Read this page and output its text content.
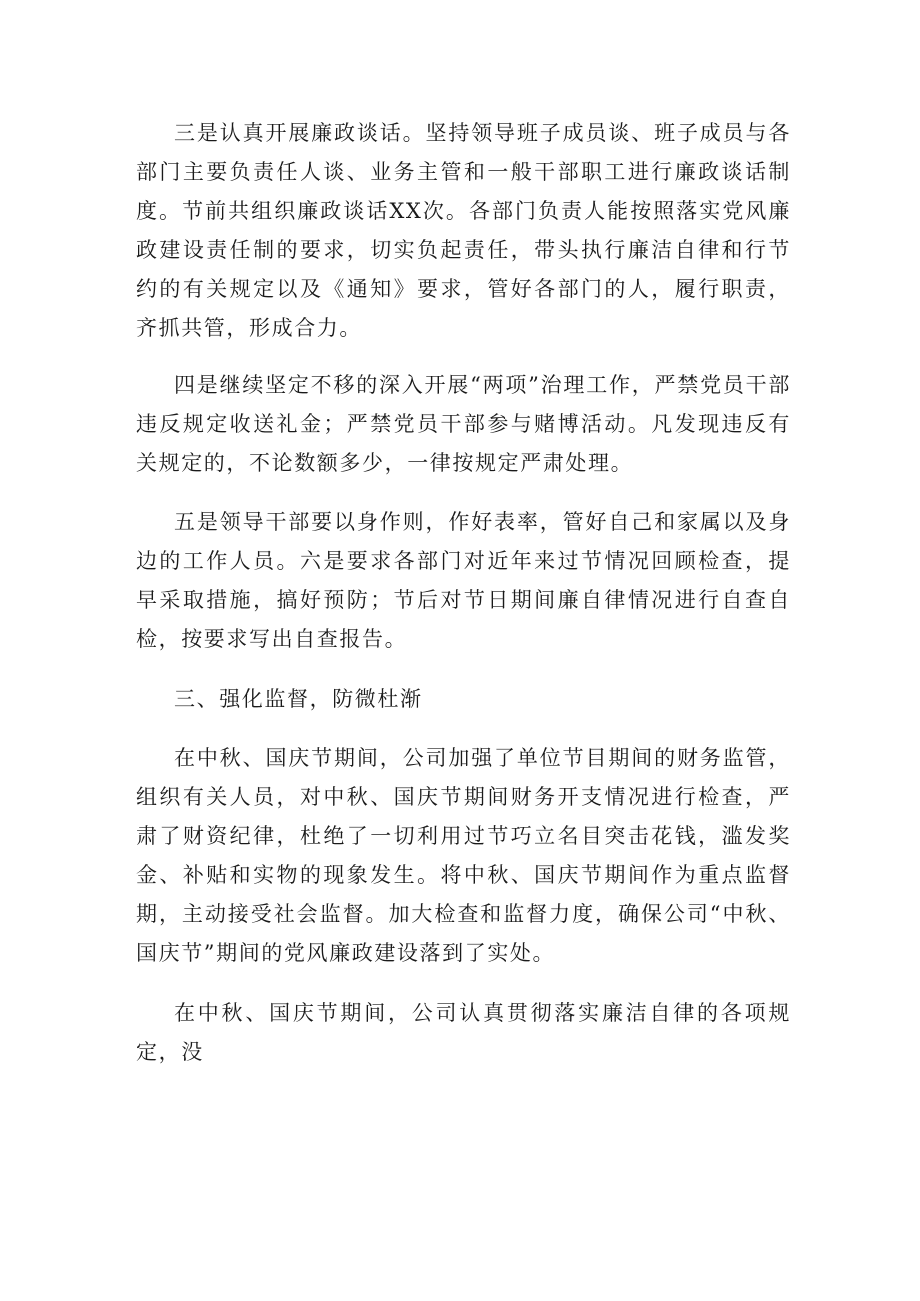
三是认真开展廉政谈话。坚持领导班子成员谈、班子成员与各部门主要负责任人谈、业务主管和一般干部职工进行廉政谈话制度。节前共组织廉政谈话XX次。各部门负责人能按照落实党风廉政建设责任制的要求，切实负起责任，带头执行廉洁自律和行节约的有关规定以及《通知》要求，管好各部门的人，履行职责，齐抓共管，形成合力。

四是继续坚定不移的深入开展“两项”治理工作，严禁党员干部违反规定收送礼金；严禁党员干部参与赌博活动。凡发现违反有关规定的，不论数额多少，一律按规定严肃处理。

五是领导干部要以身作则，作好表率，管好自己和家属以及身边的工作人员。六是要求各部门对近年来过节情况回顾检查，提早采取措施，搞好预防；节后对节日期间廉自律情况进行自查自检，按要求写出自查报告。

三、强化监督，防微杜渐

在中秋、国庆节期间，公司加强了单位节目期间的财务监管，组织有关人员，对中秋、国庆节期间财务开支情况进行检查，严肃了财资纪律，杜绝了一切利用过节巧立名目突击花钱，滥发奖金、补贴和实物的现象发生。将中秋、国庆节期间作为重点监督期，主动接受社会监督。加大检查和监督力度，确保公司“中秋、国庆节”期间的党风廉政建设落到了实处。

在中秋、国庆节期间，公司认真贯彻落实廉洁自律的各项规定，没
